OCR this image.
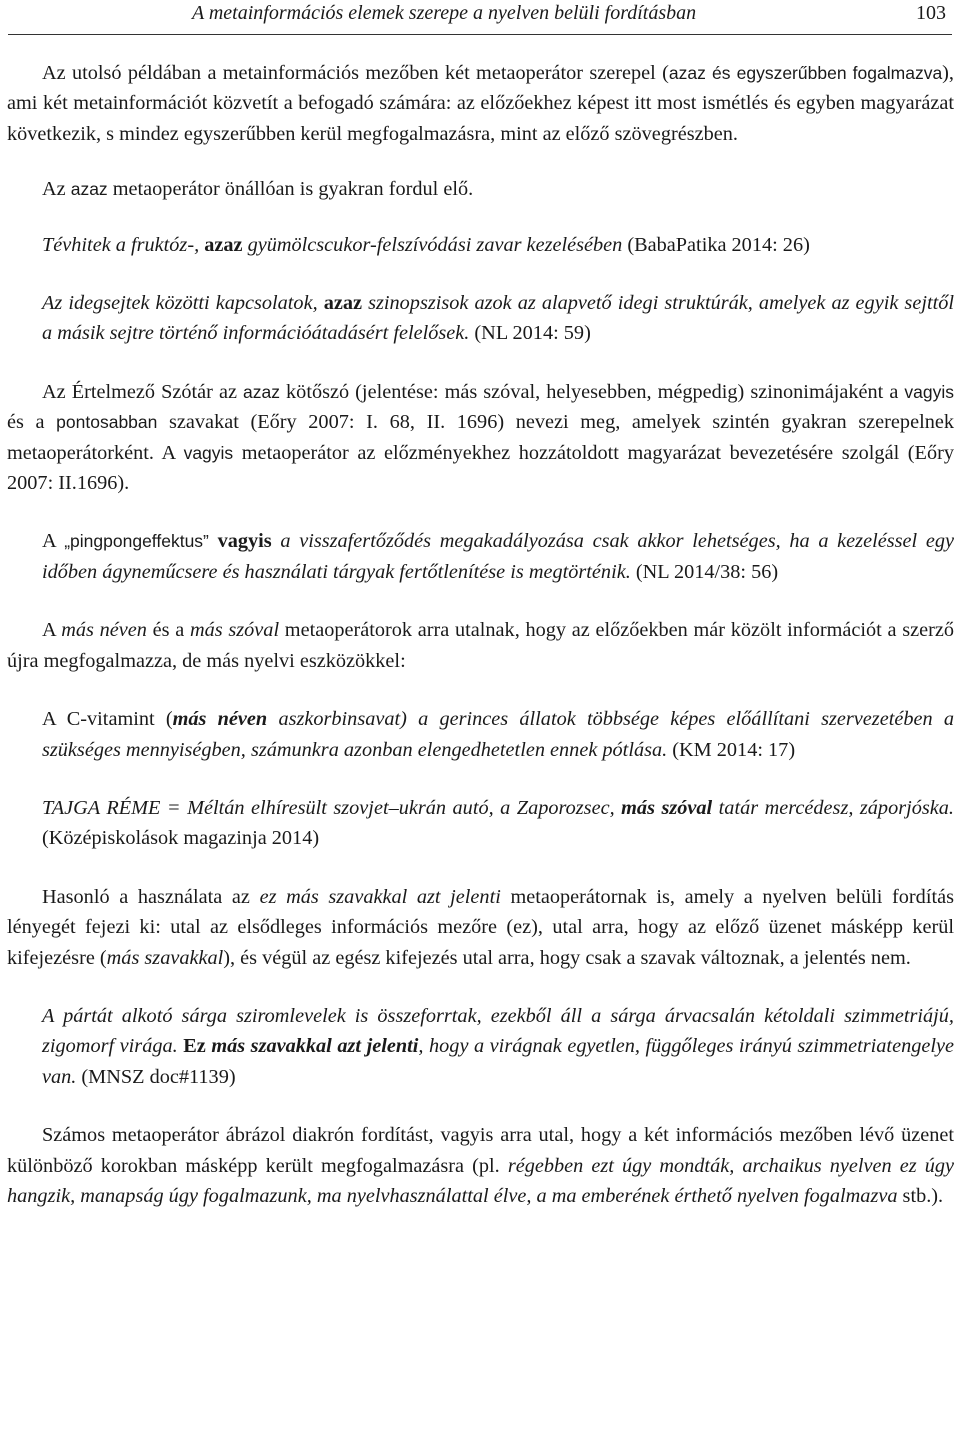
A metainformációs elemek szerepe a nyelven belüli fordításban	103

Az utolsó példában a metainformációs mezőben két metaoperátor szerepel (azaz és egyszerűbben fogalmazva), ami két metainformációt közvetít a befogadó számára: az előzőekhez képest itt most ismétlés és egyben magyarázat következik, s mindez egyszerűbben kerül megfogalmazásra, mint az előző szövegrészben.

Az azaz metaoperátor önállóan is gyakran fordul elő.

Tévhitek a fruktóz-, azaz gyümölcscukor-felszívódási zavar kezelésében (BabaPatika 2014: 26)

Az idegsejtek közötti kapcsolatok, azaz szinopszisok azok az alapvető idegi struktúrák, amelyek az egyik sejttől a másik sejtre történő információátadásért felelősek. (NL 2014: 59)

Az Értelmező Szótár az azaz kötőszó (jelentése: más szóval, helyesebben, mégpedig) szinonimájaként a vagyis és a pontosabban szavakat (Eőry 2007: I. 68, II. 1696) nevezi meg, amelyek szintén gyakran szerepelnek metaoperátorként. A vagyis metaoperátor az előzményekhez hozzátoldott magyarázat bevezetésére szolgál (Eőry 2007: II.1696).

A „pingpongeffektus” vagyis a visszafertőződés megakadályozása csak akkor lehetséges, ha a kezeléssel egy időben ágyneműcsere és használati tárgyak fertőtlenítése is megtörténik. (NL 2014/38: 56)

A más néven és a más szóval metaoperátorok arra utalnak, hogy az előzőekben már közölt információt a szerző újra megfogalmazza, de más nyelvi eszközökkel:

A C-vitamint (más néven aszkorbinsavat) a gerinces állatok többsége képes előállítani szervezetében a szükséges mennyiségben, számunkra azonban elengedhetetlen ennek pótlása. (KM 2014: 17)

TAJGA RÉME = Méltán elhíresült szovjet–ukrán autó, a Zaporozsec, más szóval tatár mercédesz, záporjóska. (Középiskolások magazinja 2014)

Hasonló a használata az ez más szavakkal azt jelenti metaoperátornak is, amely a nyelven belüli fordítás lényegét fejezi ki: utal az elsődleges információs mezőre (ez), utal arra, hogy az előző üzenet másképp kerül kifejezésre (más szavakkal), és végül az egész kifejezés utal arra, hogy csak a szavak változnak, a jelentés nem.

A pártát alkotó sárga sziromlevelek is összeforrtak, ezekből áll a sárga árvacsalán kétoldali szimmetriájú, zigomorf virága. Ez más szavakkal azt jelenti, hogy a virágnak egyetlen, függőleges irányú szimmetriatengelye van. (MNSZ doc#1139)

Számos metaoperátor ábrázol diakrón fordítást, vagyis arra utal, hogy a két információs mezőben lévő üzenet különböző korokban másképp került megfogalmazásra (pl. régebben ezt úgy mondták, archaikus nyelven ez úgy hangzik, manapság úgy fogalmazunk, ma nyelvhasználattal élve, a ma emberének érthető nyelven fogalmazva stb.).
